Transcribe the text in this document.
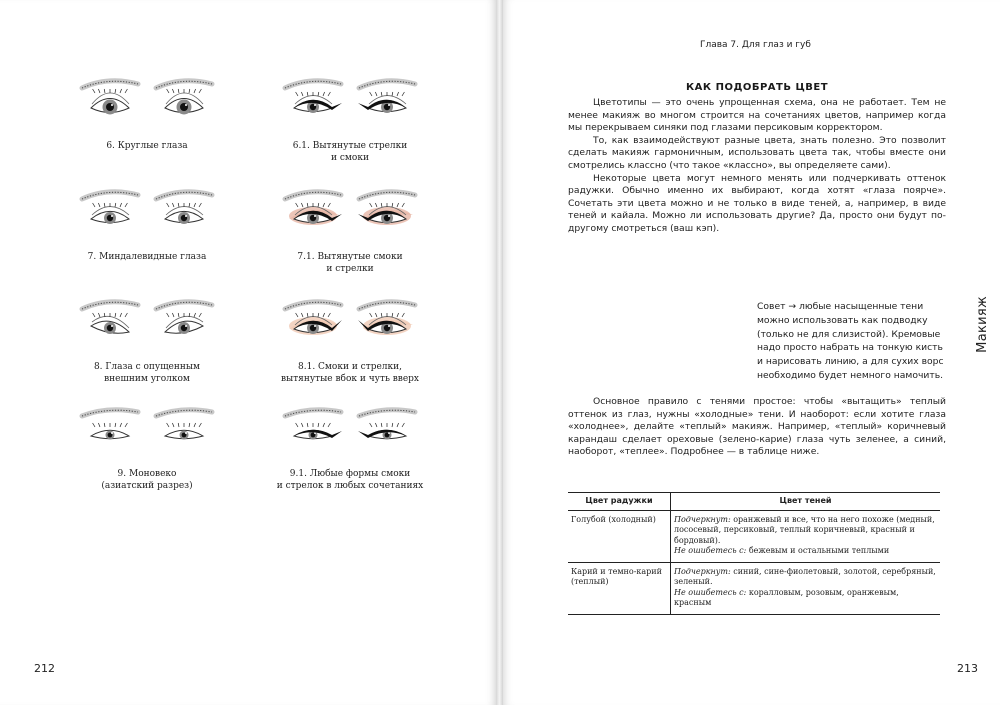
6. Круглые глаза	6.1. Вытянутые стрелки
и смоки
7. Миндалевидные глаза	7.1. Вытянутые смоки
и стрелки
8. Глаза с опущенным
внешним уголком
8.1. Смоки и стрелки,
вытянутые вбок и чуть вверх
9. Моновеко
(азиатский разрез)
9.1. Любые формы смоки
и стрелок в любых сочетаниях
212
Глава 7. Для глаз и губ
КАК ПОДОБРАТЬ ЦВЕТ

Цветотипы — это очень упрощенная схема, она не работает. Тем не менее макияж во многом строится на сочетаниях цветов, например когда мы перекрываем синяки под глазами персиковым корректором.

То, как взаимодействуют разные цвета, знать полезно. Это позволит сделать макияж гармоничным, использовать цвета так, чтобы вместе они смотрелись классно (что такое «классно», вы определяете сами).

Некоторые цвета могут немного менять или подчеркивать оттенок радужки. Обычно именно их выбирают, когда хотят «глаза поярче». Сочетать эти цвета можно и не только в виде теней, а, например, в виде теней и кайала. Можно ли использовать другие? Да, просто они будут по-другому смотреться (ваш кэп).

Совет → любые насыщенные тени можно использовать как подводку (только не для слизистой). Кремовые надо просто набрать на тонкую кисть и нарисовать линию, а для сухих ворс необходимо будет немного намочить.

Основное правило с тенями простое: чтобы «вытащить» теплый оттенок из глаз, нужны «холодные» тени. И наоборот: если хотите глаза «холоднее», делайте «теплый» макияж. Например, «теплый» коричневый карандаш сделает ореховые (зелено-карие) глаза чуть зеленее, а синий, наоборот, «теплее». Подробнее — в таблице ниже.

Цвет радужки	Цвет теней
Голубой (холодный)	Подчеркнут: оранжевый и все, что на него похоже (медный, лососевый, персиковый, теплый коричневый, красный и бордовый).
Не ошибетесь с: бежевым и остальными теплыми
Карий и темно-карий (теплый)	Подчеркнут: синий, сине-фиолетовый, золотой, серебряный, зеленый.
Не ошибетесь с: коралловым, розовым, оранжевым, красным
Макияж
213
